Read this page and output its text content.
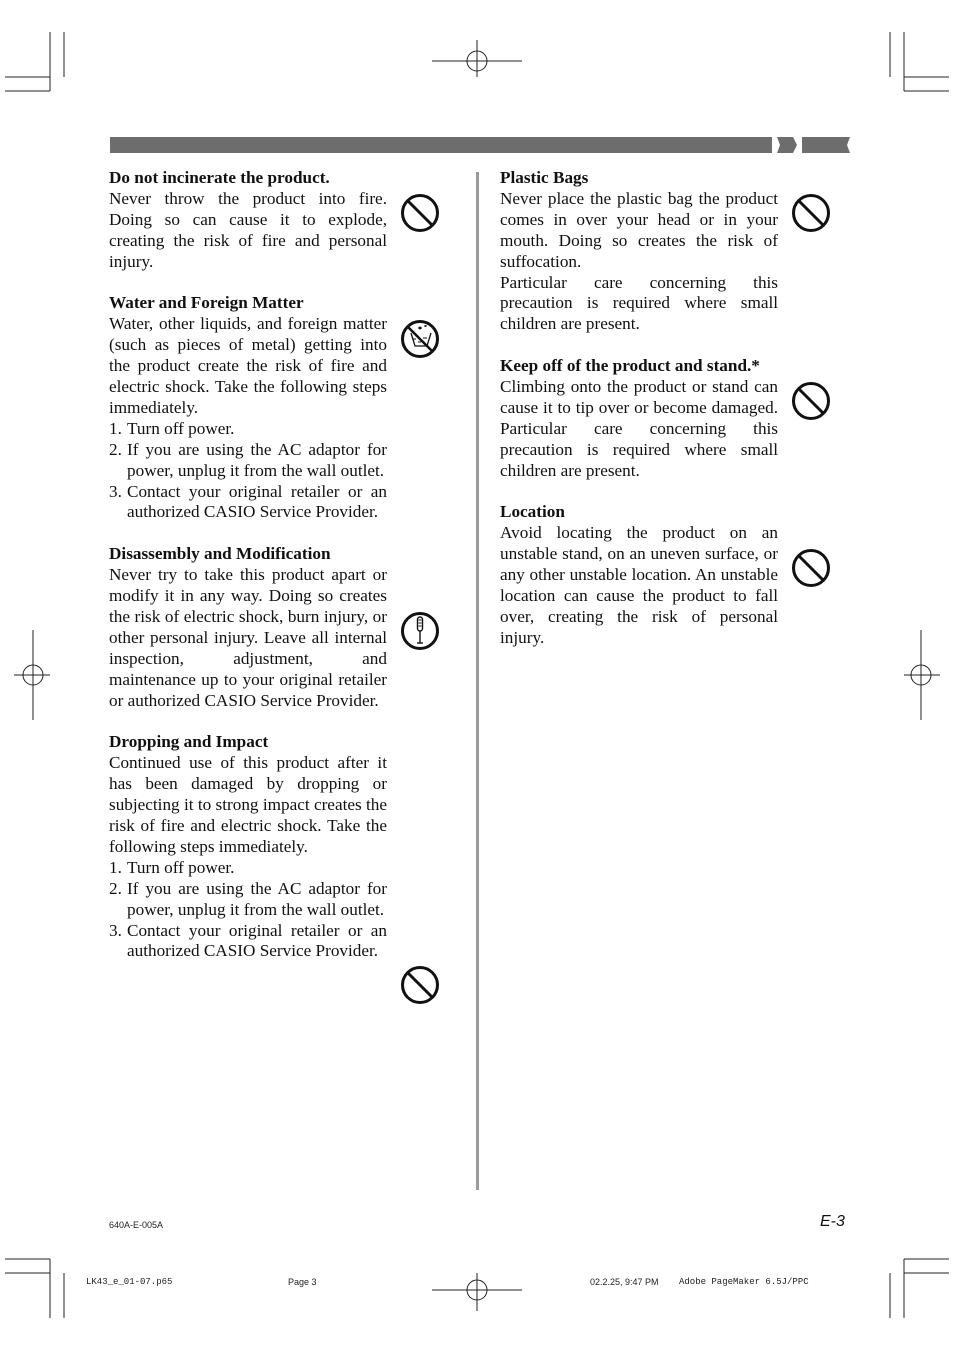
Do not incinerate the product.
Never throw the product into fire. Doing so can cause it to explode, creating the risk of fire and personal injury.
Water and Foreign Matter
Water, other liquids, and foreign matter (such as pieces of metal) getting into the product create the risk of fire and electric shock. Take the following steps immediately.
1. Turn off power.
2. If you are using the AC adaptor for power, unplug it from the wall outlet.
3. Contact your original retailer or an authorized CASIO Service Provider.
Disassembly and Modification
Never try to take this product apart or modify it in any way. Doing so creates the risk of electric shock, burn injury, or other personal injury. Leave all internal inspection, adjustment, and maintenance up to your original retailer or authorized CASIO Service Provider.
Dropping and Impact
Continued use of this product after it has been damaged by dropping or subjecting it to strong impact creates the risk of fire and electric shock. Take the following steps immediately.
1. Turn off power.
2. If you are using the AC adaptor for power, unplug it from the wall outlet.
3. Contact your original retailer or an authorized CASIO Service Provider.
Plastic Bags
Never place the plastic bag the product comes in over your head or in your mouth. Doing so creates the risk of suffocation.
Particular care concerning this precaution is required where small children are present.
Keep off of the product and stand.*
Climbing onto the product or stand can cause it to tip over or become damaged. Particular care concerning this precaution is required where small children are present.
Location
Avoid locating the product on an unstable stand, on an uneven surface, or any other unstable location. An unstable location can cause the product to fall over, creating the risk of personal injury.
640A-E-005A	E-3
LK43_e_01-07.p65	Page 3	02.2.25, 9:47 PM Adobe PageMaker 6.5J/PPC
